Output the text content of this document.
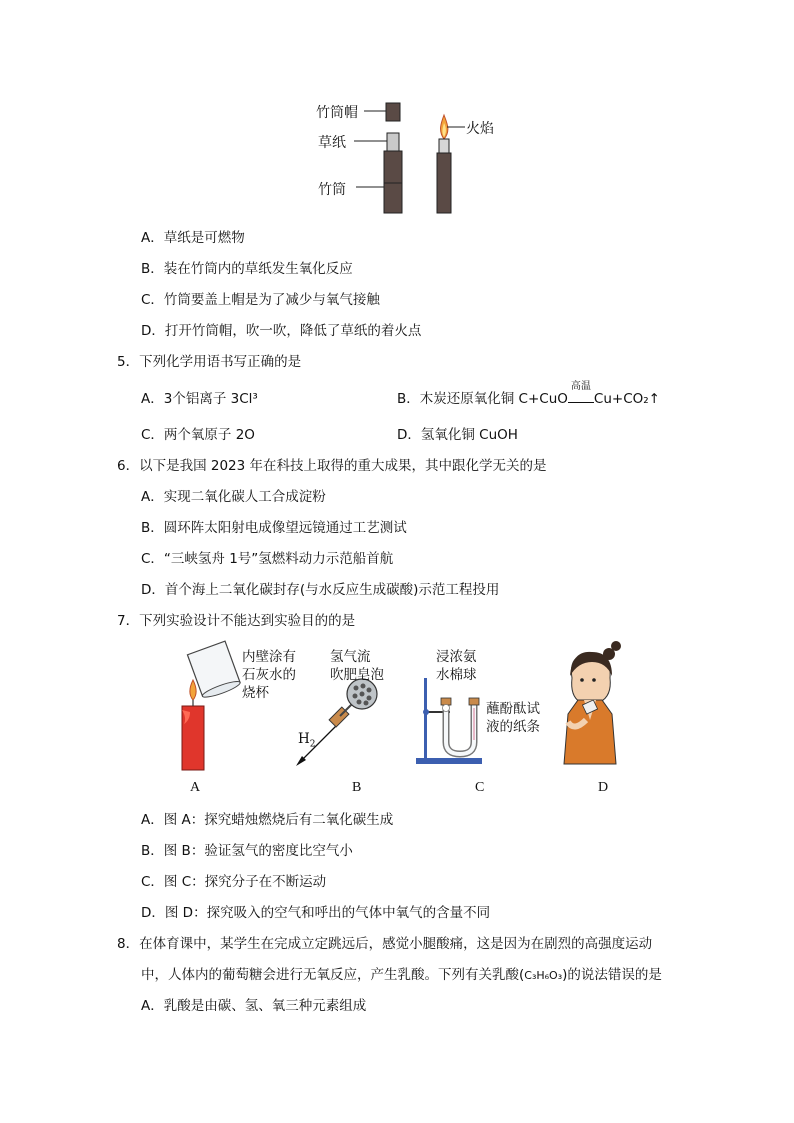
竹筒帽
草纸
竹筒
火焰
A．草纸是可燃物
B．装在竹筒内的草纸发生氧化反应
C．竹筒要盖上帽是为了减少与氧气接触
D．打开竹筒帽，吹一吹，降低了草纸的着火点
5．下列化学用语书写正确的是
A．3个铝离子 3Cl³	B．木炭还原氧化铜 C+CuO
高温
Cu+CO₂↑
C．两个氧原子 2O	D．氢氧化铜 CuOH
6．以下是我国 2023 年在科技上取得的重大成果，其中跟化学无关的是
A．实现二氧化碳人工合成淀粉
B．圆环阵太阳射电成像望远镜通过工艺测试
C．“三峡氢舟 1号”氢燃料动力示范船首航
D．首个海上二氧化碳封存(与水反应生成碳酸)示范工程投用
7．下列实验设计不能达到实验目的的是
内壁涂有
石灰水的
烧杯
氢气流
吹肥皂泡
$H_2$
浸浓氨
水棉球
蘸酚酞试
液的纸条
A	B	C	D
A．图 A：探究蜡烛燃烧后有二氧化碳生成
B．图 B：验证氢气的密度比空气小
C．图 C：探究分子在不断运动
D．图 D：探究吸入的空气和呼出的气体中氧气的含量不同
8．在体育课中，某学生在完成立定跳远后，感觉小腿酸痛，这是因为在剧烈的高强度运动
中，人体内的葡萄糖会进行无氧反应，产生乳酸。下列有关乳酸(C₃H₆O₃)的说法错误的是
A．乳酸是由碳、氢、氧三种元素组成
